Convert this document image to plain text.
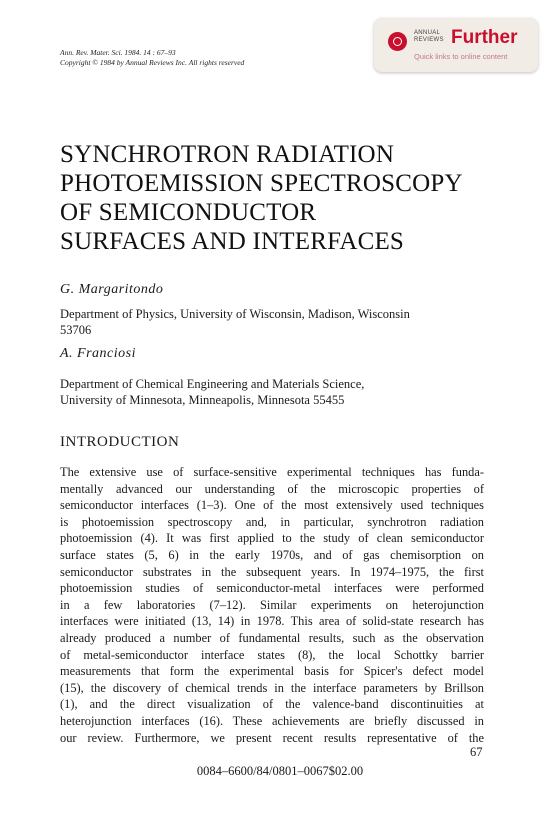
Ann. Rev. Mater. Sci. 1984. 14 : 67–93
Copyright © 1984 by Annual Reviews Inc. All rights reserved
ANNUAL
REVIEWS Further
Quick links to online content
SYNCHROTRON RADIATION
PHOTOEMISSION SPECTROSCOPY
OF SEMICONDUCTOR
SURFACES AND INTERFACES
G. Margaritondo
Department of Physics, University of Wisconsin, Madison, Wisconsin
53706
A. Franciosi
Department of Chemical Engineering and Materials Science,
University of Minnesota, Minneapolis, Minnesota 55455
INTRODUCTION
The extensive use of surface-sensitive experimental techniques has funda-
mentally advanced our understanding of the microscopic properties of
semiconductor interfaces (1–3). One of the most extensively used techniques
is photoemission spectroscopy and, in particular, synchrotron radiation
photoemission (4). It was first applied to the study of clean semiconductor
surface states (5, 6) in the early 1970s, and of gas chemisorption on
semiconductor substrates in the subsequent years. In 1974–1975, the first
photoemission studies of semiconductor-metal interfaces were performed
in a few laboratories (7–12). Similar experiments on heterojunction
interfaces were initiated (13, 14) in 1978. This area of solid-state research has
already produced a number of fundamental results, such as the observation
of metal-semiconductor interface states (8), the local Schottky barrier
measurements that form the experimental basis for Spicer's defect model
(15), the discovery of chemical trends in the interface parameters by Brillson
(1), and the direct visualization of the valence-band discontinuities at
heterojunction interfaces (16). These achievements are briefly discussed in
our review. Furthermore, we present recent results representative of the
67
0084–6600/84/0801–0067$02.00
